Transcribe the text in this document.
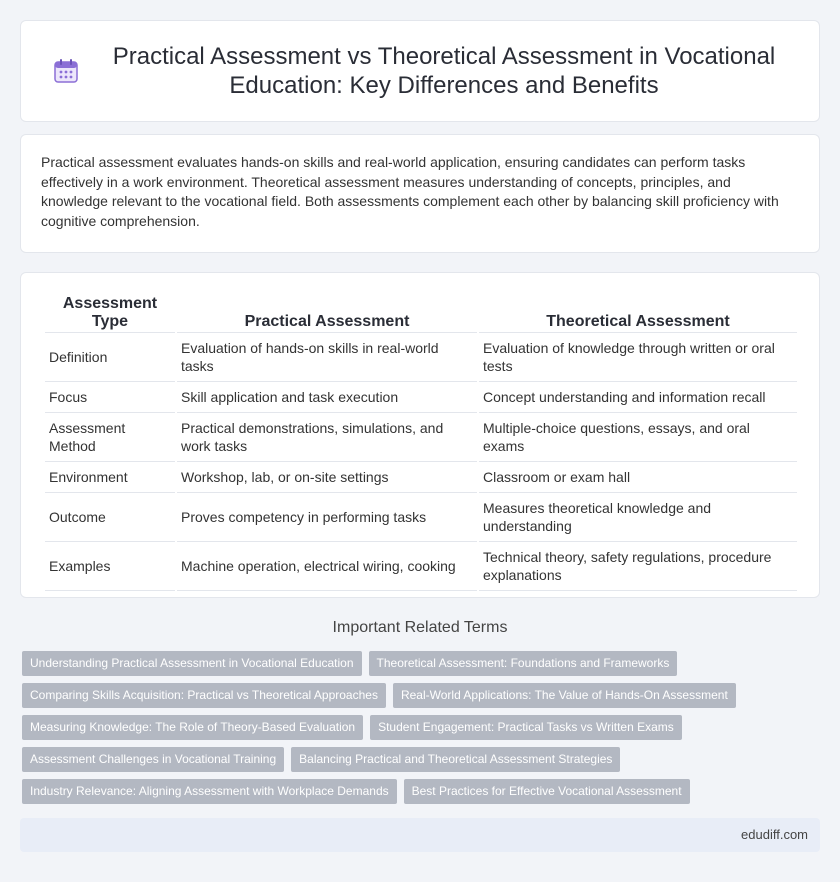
Practical Assessment vs Theoretical Assessment in Vocational Education: Key Differences and Benefits

Practical assessment evaluates hands-on skills and real-world application, ensuring candidates can perform tasks effectively in a work environment. Theoretical assessment measures understanding of concepts, principles, and knowledge relevant to the vocational field. Both assessments complement each other by balancing skill proficiency with cognitive comprehension.

Assessment Type	Practical Assessment	Theoretical Assessment
Definition	Evaluation of hands-on skills in real-world tasks	Evaluation of knowledge through written or oral tests
Focus	Skill application and task execution	Concept understanding and information recall
Assessment Method	Practical demonstrations, simulations, and work tasks	Multiple-choice questions, essays, and oral exams
Environment	Workshop, lab, or on-site settings	Classroom or exam hall
Outcome	Proves competency in performing tasks	Measures theoretical knowledge and understanding
Examples	Machine operation, electrical wiring, cooking	Technical theory, safety regulations, procedure explanations
Important Related Terms
Understanding Practical Assessment in Vocational Education	Theoretical Assessment: Foundations and Frameworks
Comparing Skills Acquisition: Practical vs Theoretical Approaches	Real-World Applications: The Value of Hands-On Assessment
Measuring Knowledge: The Role of Theory-Based Evaluation	Student Engagement: Practical Tasks vs Written Exams
Assessment Challenges in Vocational Training	Balancing Practical and Theoretical Assessment Strategies
Industry Relevance: Aligning Assessment with Workplace Demands	Best Practices for Effective Vocational Assessment
edudiff.com
